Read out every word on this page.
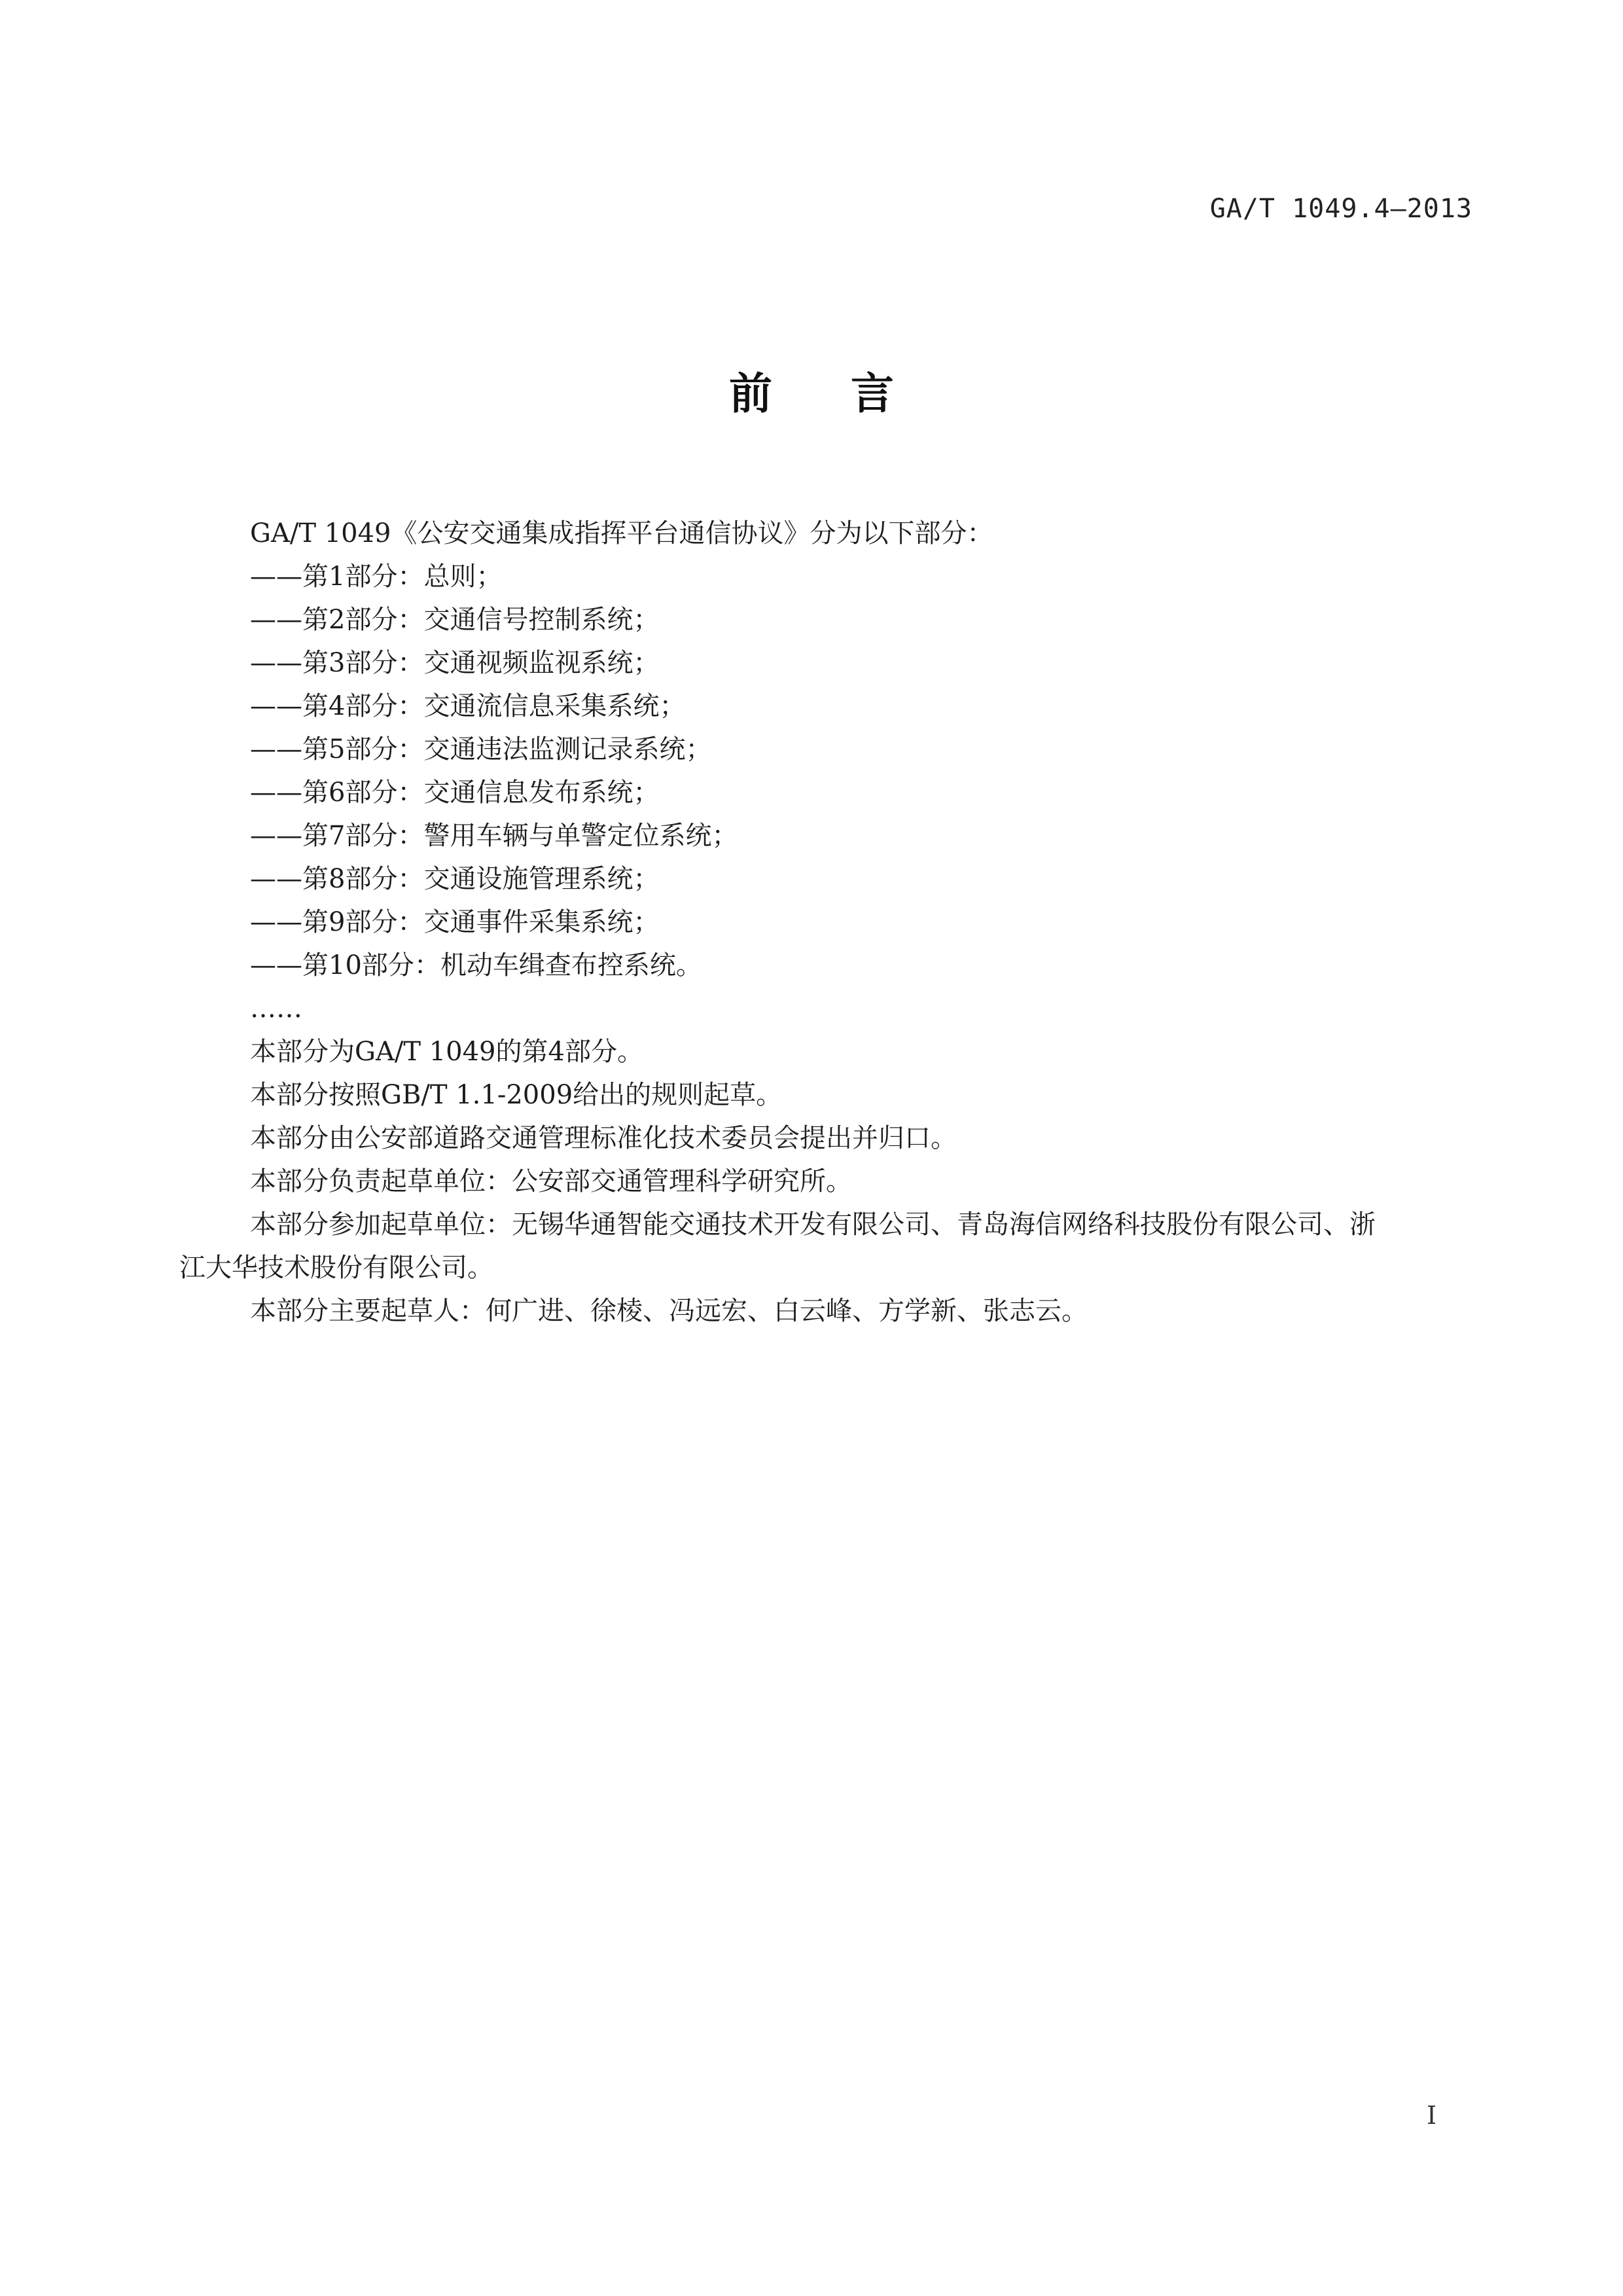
GA/T 1049.4—2013
前言

GA/T 1049《公安交通集成指挥平台通信协议》分为以下部分：

——第1部分：总则；

——第2部分：交通信号控制系统；

——第3部分：交通视频监视系统；

——第4部分：交通流信息采集系统；

——第5部分：交通违法监测记录系统；

——第6部分：交通信息发布系统；

——第7部分：警用车辆与单警定位系统；

——第8部分：交通设施管理系统；

——第9部分：交通事件采集系统；

——第10部分：机动车缉查布控系统。

……

本部分为GA/T 1049的第4部分。

本部分按照GB/T 1.1-2009给出的规则起草。

本部分由公安部道路交通管理标准化技术委员会提出并归口。

本部分负责起草单位：公安部交通管理科学研究所。

本部分参加起草单位：无锡华通智能交通技术开发有限公司、青岛海信网络科技股份有限公司、浙

江大华技术股份有限公司。

本部分主要起草人：何广进、徐棱、冯远宏、白云峰、方学新、张志云。

I
